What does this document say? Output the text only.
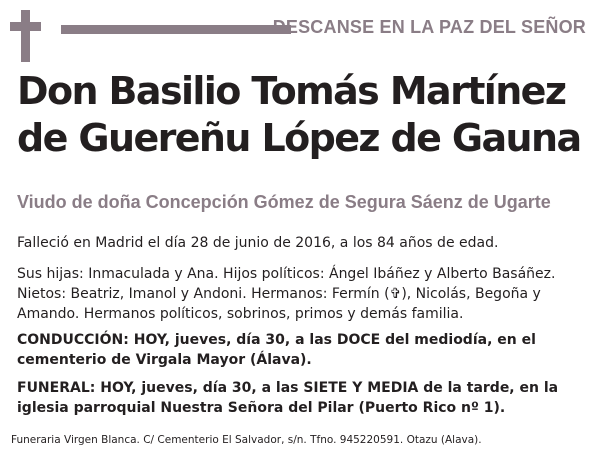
DESCANSE EN LA PAZ DEL SEÑOR
Don Basilio Tomás Martínez de Guereñu López de Gauna
Viudo de doña Concepción Gómez de Segura Sáenz de Ugarte
Falleció en Madrid el día 28 de junio de 2016, a los 84 años de edad.
Sus hijas: Inmaculada y Ana. Hijos políticos: Ángel Ibáñez y Alberto Basáñez. Nietos: Beatriz, Imanol y Andoni. Hermanos: Fermín (✞), Nicolás, Begoña y Amando. Hermanos políticos, sobrinos, primos y demás familia.
CONDUCCIÓN: HOY, jueves, día 30, a las DOCE del mediodía, en el cementerio de Virgala Mayor (Álava).
FUNERAL: HOY, jueves, día 30, a las SIETE Y MEDIA de la tarde, en la iglesia parroquial Nuestra Señora del Pilar (Puerto Rico nº 1).
Funeraria Virgen Blanca. C/ Cementerio El Salvador, s/n. Tfno. 945220591. Otazu (Alava).
